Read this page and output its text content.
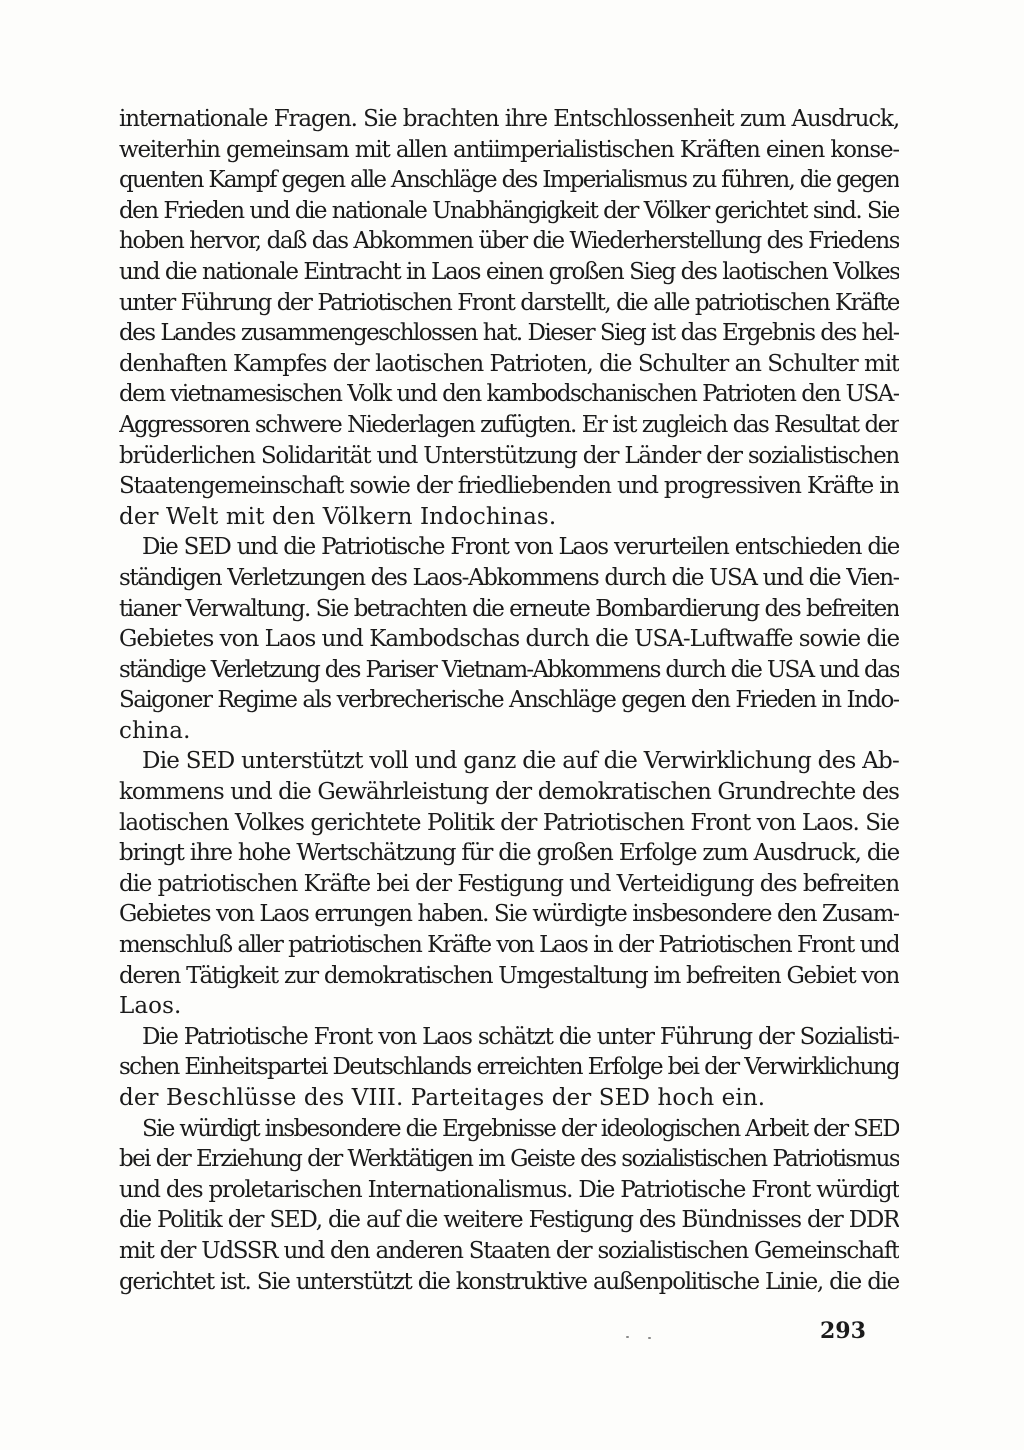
internationale Fragen. Sie brachten ihre Entschlossenheit zum Ausdruck,
weiterhin gemeinsam mit allen antiimperialistischen Kräften einen konse-
quenten Kampf gegen alle Anschläge des Imperialismus zu führen, die gegen
den Frieden und die nationale Unabhängigkeit der Völker gerichtet sind. Sie
hoben hervor, daß das Abkommen über die Wiederherstellung des Friedens
und die nationale Eintracht in Laos einen großen Sieg des laotischen Volkes
unter Führung der Patriotischen Front darstellt, die alle patriotischen Kräfte
des Landes zusammengeschlossen hat. Dieser Sieg ist das Ergebnis des hel-
denhaften Kampfes der laotischen Patrioten, die Schulter an Schulter mit
dem vietnamesischen Volk und den kambodschanischen Patrioten den USA-
Aggressoren schwere Niederlagen zufügten. Er ist zugleich das Resultat der
brüderlichen Solidarität und Unterstützung der Länder der sozialistischen
Staatengemeinschaft sowie der friedliebenden und progressiven Kräfte in
der Welt mit den Völkern Indochinas.
Die SED und die Patriotische Front von Laos verurteilen entschieden die
ständigen Verletzungen des Laos-Abkommens durch die USA und die Vien-
tianer Verwaltung. Sie betrachten die erneute Bombardierung des befreiten
Gebietes von Laos und Kambodschas durch die USA-Luftwaffe sowie die
ständige Verletzung des Pariser Vietnam-Abkommens durch die USA und das
Saigoner Regime als verbrecherische Anschläge gegen den Frieden in Indo-
china.
Die SED unterstützt voll und ganz die auf die Verwirklichung des Ab-
kommens und die Gewährleistung der demokratischen Grundrechte des
laotischen Volkes gerichtete Politik der Patriotischen Front von Laos. Sie
bringt ihre hohe Wertschätzung für die großen Erfolge zum Ausdruck, die
die patriotischen Kräfte bei der Festigung und Verteidigung des befreiten
Gebietes von Laos errungen haben. Sie würdigte insbesondere den Zusam-
menschluß aller patriotischen Kräfte von Laos in der Patriotischen Front und
deren Tätigkeit zur demokratischen Umgestaltung im befreiten Gebiet von
Laos.
Die Patriotische Front von Laos schätzt die unter Führung der Sozialisti-
schen Einheitspartei Deutschlands erreichten Erfolge bei der Verwirklichung
der Beschlüsse des VIII. Parteitages der SED hoch ein.
Sie würdigt insbesondere die Ergebnisse der ideologischen Arbeit der SED
bei der Erziehung der Werktätigen im Geiste des sozialistischen Patriotismus
und des proletarischen Internationalismus. Die Patriotische Front würdigt
die Politik der SED, die auf die weitere Festigung des Bündnisses der DDR
mit der UdSSR und den anderen Staaten der sozialistischen Gemeinschaft
gerichtet ist. Sie unterstützt die konstruktive außenpolitische Linie, die die
293
